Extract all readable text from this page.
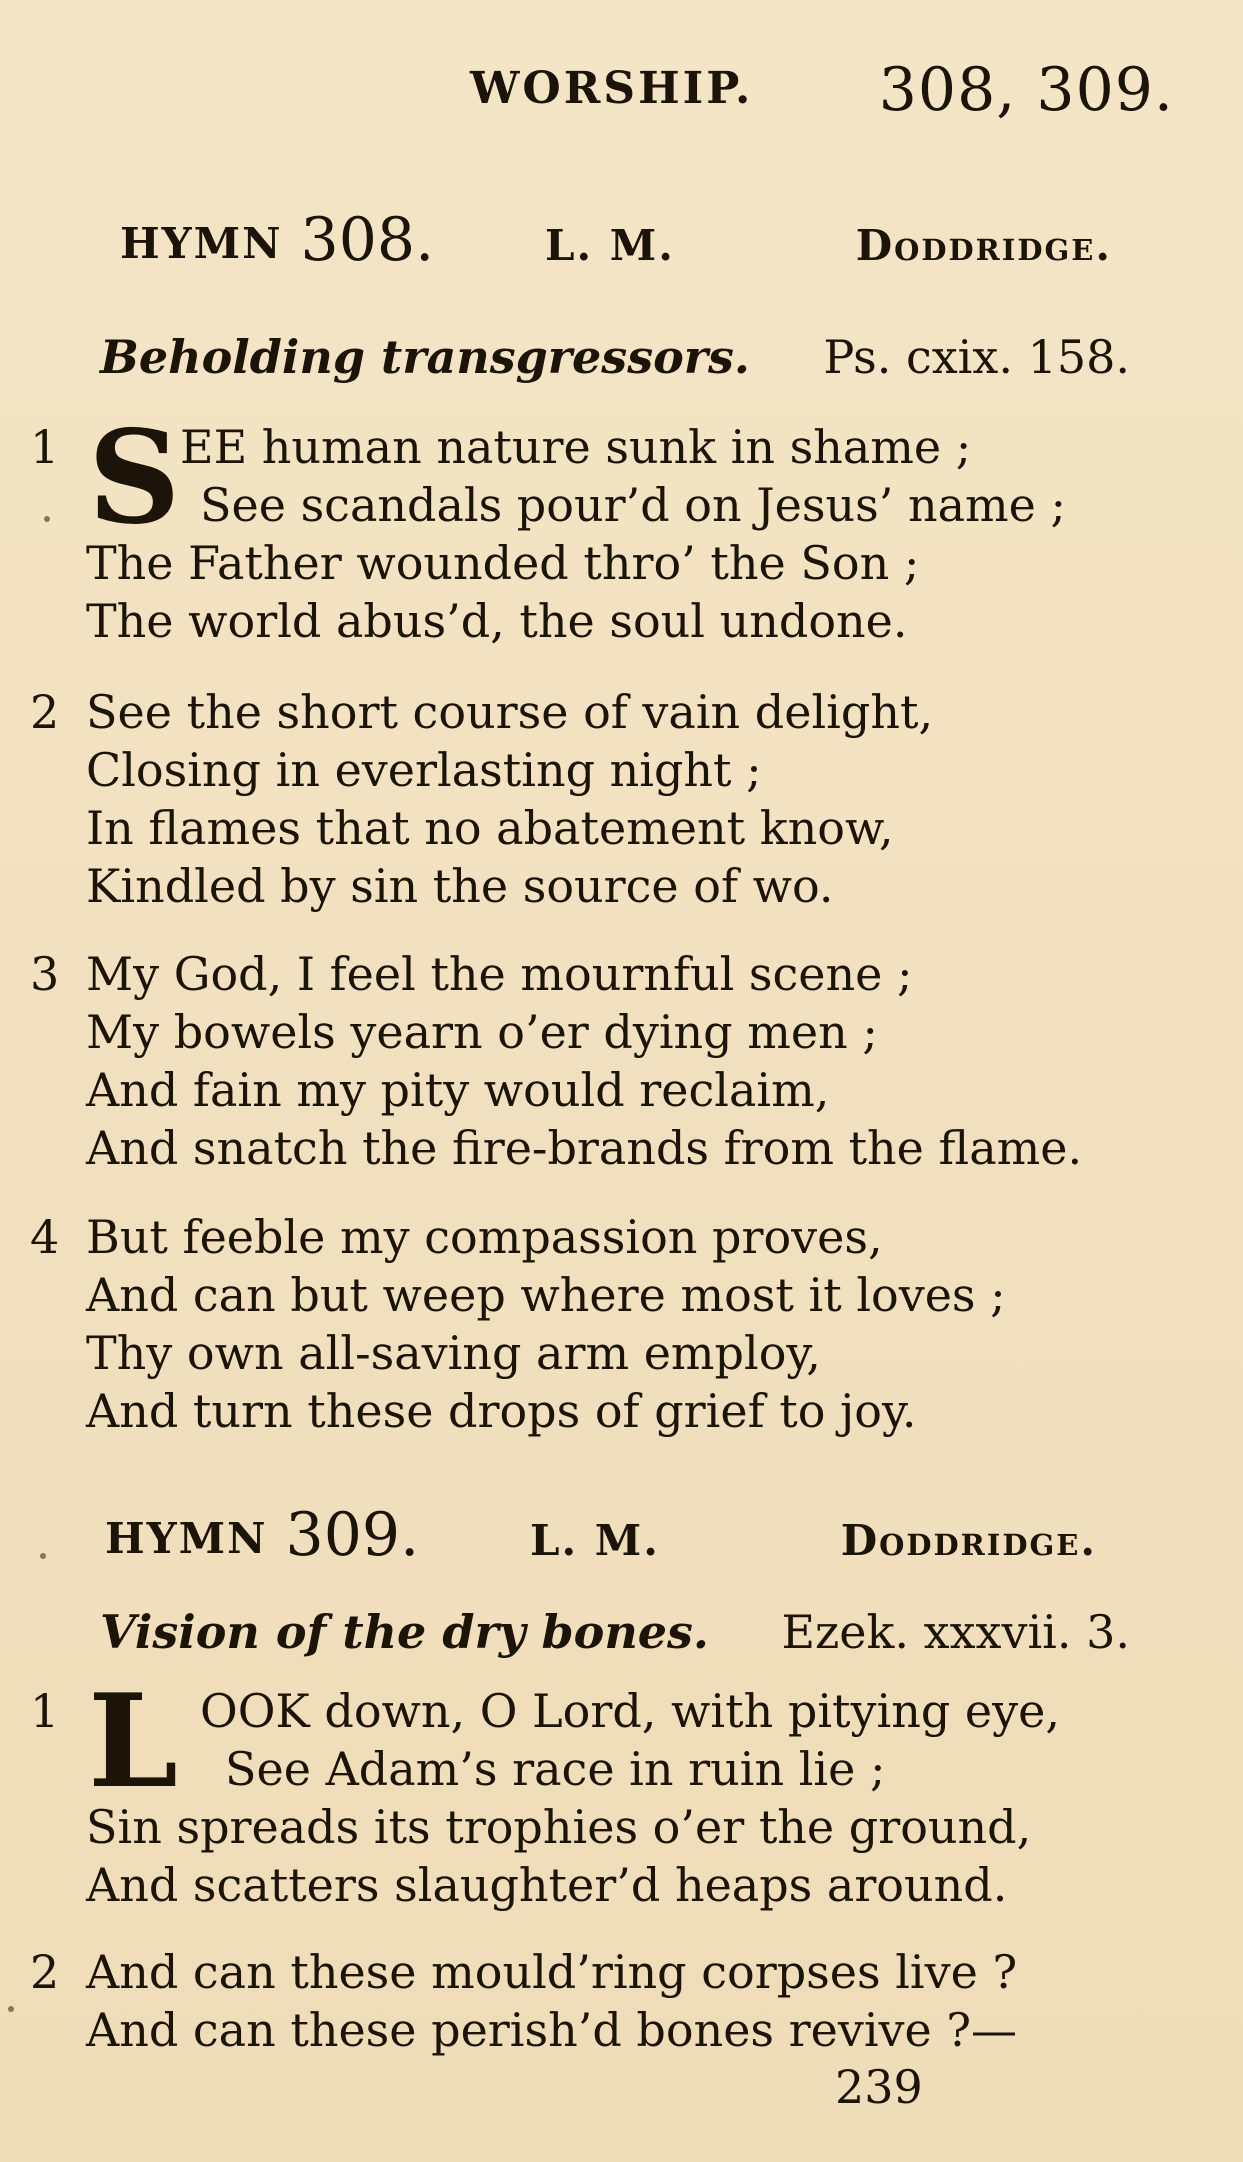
WORSHIP. 308, 309.
HYMN 308.	L. M.	Doddridge.
Beholding transgressors. Ps. cxix. 158.
1 S EE human nature sunk in shame ;
See scandals pour’d on Jesus’ name ;
The Father wounded thro’ the Son ;
The world abus’d, the soul undone.
2 See the short course of vain delight,
Closing in everlasting night ;
In flames that no abatement know,
Kindled by sin the source of wo.
3 My God, I feel the mournful scene ;
My bowels yearn o’er dying men ;
And fain my pity would reclaim,
And snatch the fire-brands from the flame.
4 But feeble my compassion proves,
And can but weep where most it loves ;
Thy own all-saving arm employ,
And turn these drops of grief to joy.
HYMN 309.	L. M.	Doddridge.
Vision of the dry bones. Ezek. xxxvii. 3.
1 L OOK down, O Lord, with pitying eye,
See Adam’s race in ruin lie ;
Sin spreads its trophies o’er the ground,
And scatters slaughter’d heaps around.
2 And can these mould’ring corpses live ?
And can these perish’d bones revive ?—
239
